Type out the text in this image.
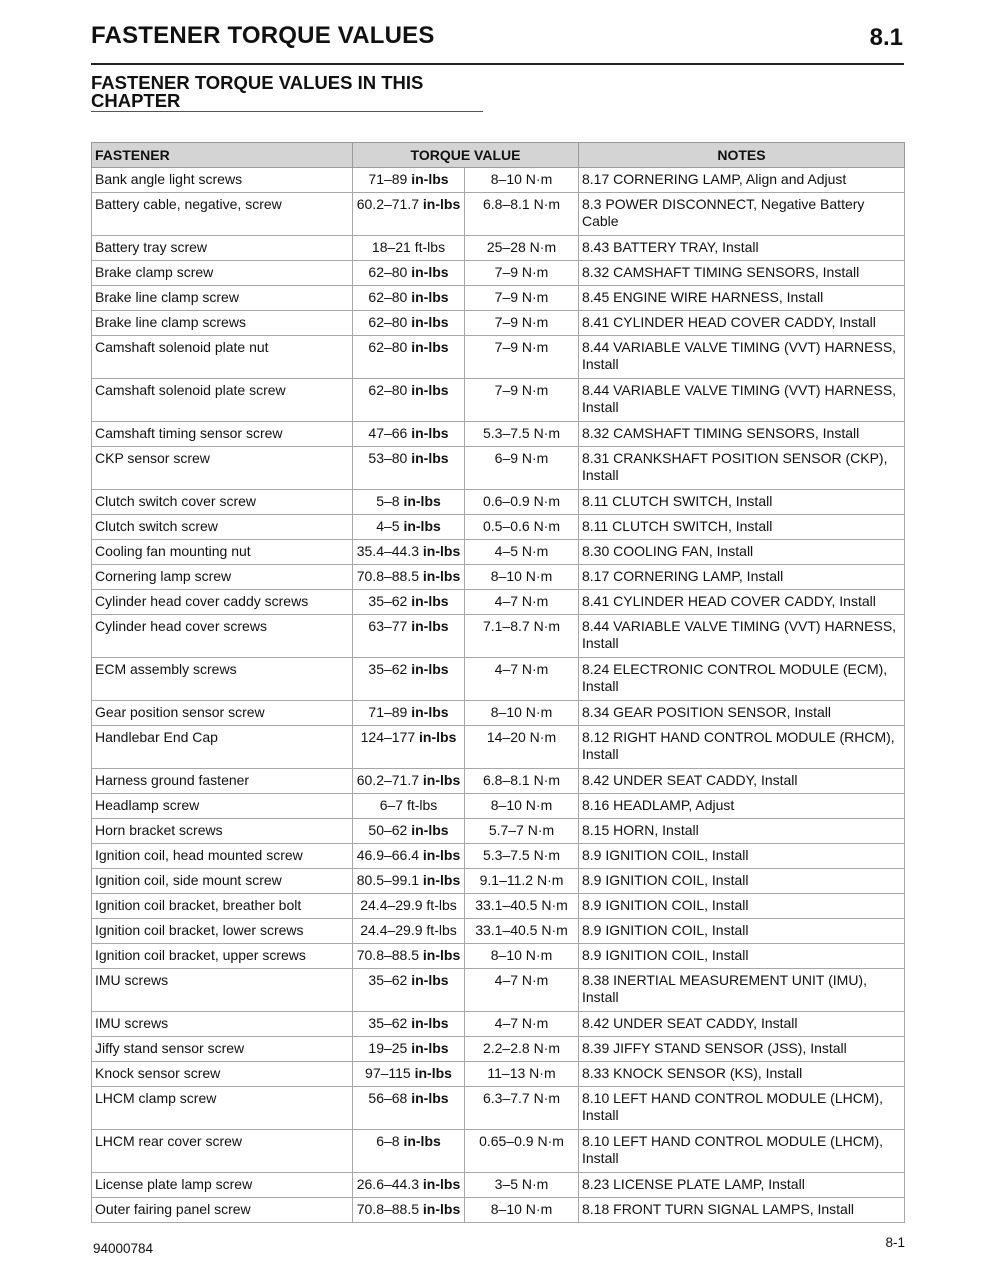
FASTENER TORQUE VALUES	8.1
FASTENER TORQUE VALUES IN THIS CHAPTER
FASTENER	TORQUE VALUE		NOTES
Bank angle light screws	71–89 in-lbs	8–10 N·m	8.17 CORNERING LAMP, Align and Adjust
Battery cable, negative, screw	60.2–71.7 in-lbs	6.8–8.1 N·m	8.3 POWER DISCONNECT, Negative Battery Cable
Battery tray screw	18–21 ft-lbs	25–28 N·m	8.43 BATTERY TRAY, Install
Brake clamp screw	62–80 in-lbs	7–9 N·m	8.32 CAMSHAFT TIMING SENSORS, Install
Brake line clamp screw	62–80 in-lbs	7–9 N·m	8.45 ENGINE WIRE HARNESS, Install
Brake line clamp screws	62–80 in-lbs	7–9 N·m	8.41 CYLINDER HEAD COVER CADDY, Install
Camshaft solenoid plate nut	62–80 in-lbs	7–9 N·m	8.44 VARIABLE VALVE TIMING (VVT) HARNESS, Install
Camshaft solenoid plate screw	62–80 in-lbs	7–9 N·m	8.44 VARIABLE VALVE TIMING (VVT) HARNESS, Install
Camshaft timing sensor screw	47–66 in-lbs	5.3–7.5 N·m	8.32 CAMSHAFT TIMING SENSORS, Install
CKP sensor screw	53–80 in-lbs	6–9 N·m	8.31 CRANKSHAFT POSITION SENSOR (CKP), Install
Clutch switch cover screw	5–8 in-lbs	0.6–0.9 N·m	8.11 CLUTCH SWITCH, Install
Clutch switch screw	4–5 in-lbs	0.5–0.6 N·m	8.11 CLUTCH SWITCH, Install
Cooling fan mounting nut	35.4–44.3 in-lbs	4–5 N·m	8.30 COOLING FAN, Install
Cornering lamp screw	70.8–88.5 in-lbs	8–10 N·m	8.17 CORNERING LAMP, Install
Cylinder head cover caddy screws	35–62 in-lbs	4–7 N·m	8.41 CYLINDER HEAD COVER CADDY, Install
Cylinder head cover screws	63–77 in-lbs	7.1–8.7 N·m	8.44 VARIABLE VALVE TIMING (VVT) HARNESS, Install
ECM assembly screws	35–62 in-lbs	4–7 N·m	8.24 ELECTRONIC CONTROL MODULE (ECM), Install
Gear position sensor screw	71–89 in-lbs	8–10 N·m	8.34 GEAR POSITION SENSOR, Install
Handlebar End Cap	124–177 in-lbs	14–20 N·m	8.12 RIGHT HAND CONTROL MODULE (RHCM), Install
Harness ground fastener	60.2–71.7 in-lbs	6.8–8.1 N·m	8.42 UNDER SEAT CADDY, Install
Headlamp screw	6–7 ft-lbs	8–10 N·m	8.16 HEADLAMP, Adjust
Horn bracket screws	50–62 in-lbs	5.7–7 N·m	8.15 HORN, Install
Ignition coil, head mounted screw	46.9–66.4 in-lbs	5.3–7.5 N·m	8.9 IGNITION COIL, Install
Ignition coil, side mount screw	80.5–99.1 in-lbs	9.1–11.2 N·m	8.9 IGNITION COIL, Install
Ignition coil bracket, breather bolt	24.4–29.9 ft-lbs	33.1–40.5 N·m	8.9 IGNITION COIL, Install
Ignition coil bracket, lower screws	24.4–29.9 ft-lbs	33.1–40.5 N·m	8.9 IGNITION COIL, Install
Ignition coil bracket, upper screws	70.8–88.5 in-lbs	8–10 N·m	8.9 IGNITION COIL, Install
IMU screws	35–62 in-lbs	4–7 N·m	8.38 INERTIAL MEASUREMENT UNIT (IMU), Install
IMU screws	35–62 in-lbs	4–7 N·m	8.42 UNDER SEAT CADDY, Install
Jiffy stand sensor screw	19–25 in-lbs	2.2–2.8 N·m	8.39 JIFFY STAND SENSOR (JSS), Install
Knock sensor screw	97–115 in-lbs	11–13 N·m	8.33 KNOCK SENSOR (KS), Install
LHCM clamp screw	56–68 in-lbs	6.3–7.7 N·m	8.10 LEFT HAND CONTROL MODULE (LHCM), Install
LHCM rear cover screw	6–8 in-lbs	0.65–0.9 N·m	8.10 LEFT HAND CONTROL MODULE (LHCM), Install
License plate lamp screw	26.6–44.3 in-lbs	3–5 N·m	8.23 LICENSE PLATE LAMP, Install
Outer fairing panel screw	70.8–88.5 in-lbs	8–10 N·m	8.18 FRONT TURN SIGNAL LAMPS, Install
94000784	8-1
